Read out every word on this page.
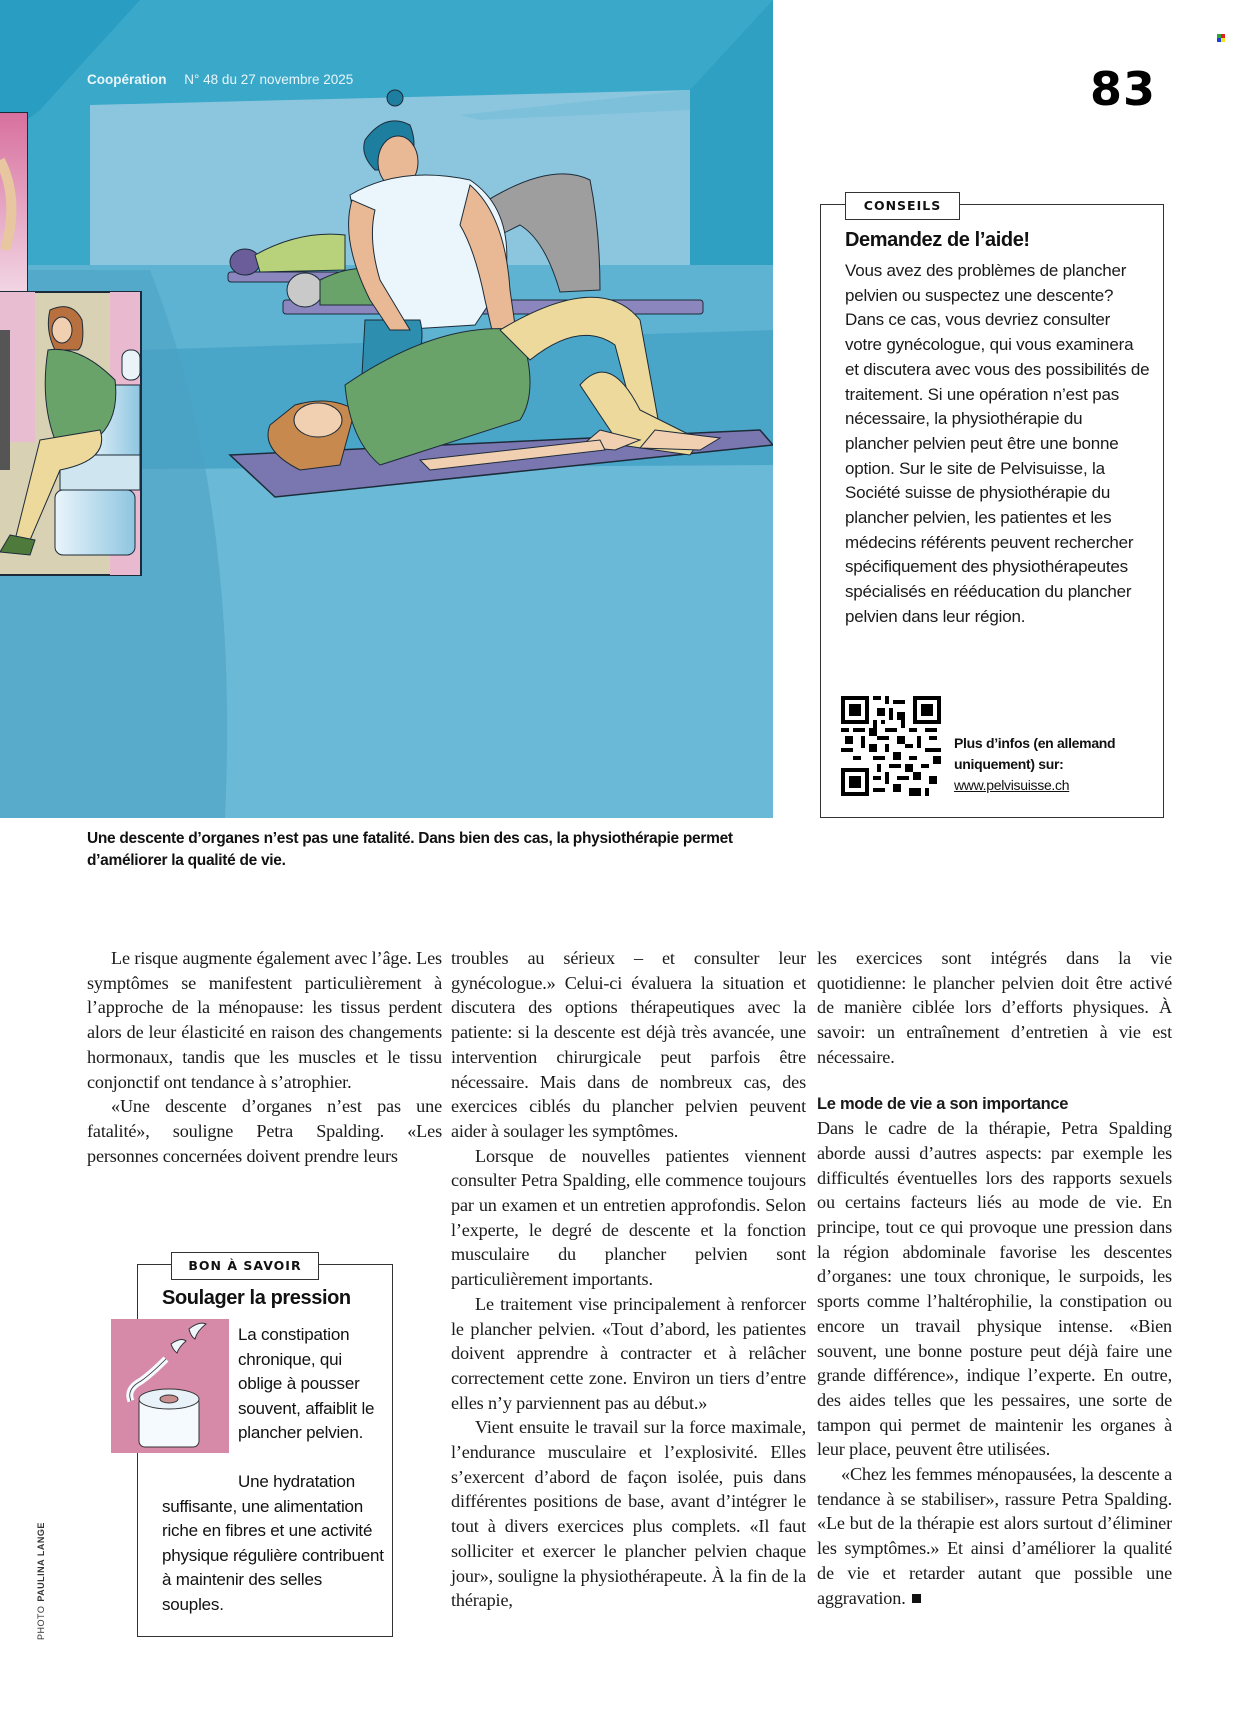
Coopération N° 48 du 27 novembre 2025	83
Une descente d’organes n’est pas une fatalité. Dans bien des cas, la physiothérapie permet d’améliorer la qualité de vie.
CONSEILS
Demandez de l’aide!

Vous avez des problèmes de plancher pelvien ou suspectez une descente? Dans ce cas, vous devriez consulter votre gynécologue, qui vous examinera et discutera avec vous des possibilités de traitement. Si une opération n’est pas nécessaire, la physiothérapie du plancher pelvien peut être une bonne option. Sur le site de Pelvisuisse, la Société suisse de physiothérapie du plancher pelvien, les patientes et les médecins référents peuvent rechercher spécifiquement des physiothérapeutes spécialisés en rééducation du plancher pelvien dans leur région.

Plus d’infos (en allemand uniquement) sur:
www.pelvisuisse.ch

Le risque augmente également avec l’âge. Les symptômes se manifestent particulièrement à l’approche de la ménopause: les tissus perdent alors de leur élasticité en raison des changements hormonaux, tandis que les muscles et le tissu conjonctif ont tendance à s’atrophier.

«Une descente d’organes n’est pas une fatalité», souligne Petra Spalding. «Les personnes concernées doivent prendre leurs

troubles au sérieux – et consulter leur gynécologue.» Celui-ci évaluera la situation et discutera des options thérapeutiques avec la patiente: si la descente est déjà très avancée, une intervention chirurgicale peut parfois être nécessaire. Mais dans de nombreux cas, des exercices ciblés du plancher pelvien peuvent aider à soulager les symptômes.

Lorsque de nouvelles patientes viennent consulter Petra Spalding, elle commence toujours par un examen et un entretien approfondis. Selon l’experte, le degré de descente et la fonction musculaire du plancher pelvien sont particulièrement importants.

Le traitement vise principalement à renforcer le plancher pelvien. «Tout d’abord, les patientes doivent apprendre à contracter et à relâcher correctement cette zone. Environ un tiers d’entre elles n’y parviennent pas au début.»

Vient ensuite le travail sur la force maximale, l’endurance musculaire et l’explosivité. Elles s’exercent d’abord de façon isolée, puis dans différentes positions de base, avant d’intégrer le tout à divers exercices plus complets. «Il faut solliciter et exercer le plancher pelvien chaque jour», souligne la physiothérapeute. À la fin de la thérapie,

les exercices sont intégrés dans la vie quotidienne: le plancher pelvien doit être activé de manière ciblée lors d’efforts physiques. À savoir: un entraînement d’entretien à vie est nécessaire.

Le mode de vie a son importance

Dans le cadre de la thérapie, Petra Spalding aborde aussi d’autres aspects: par exemple les difficultés éventuelles lors des rapports sexuels ou certains facteurs liés au mode de vie. En principe, tout ce qui provoque une pression dans la région abdominale favorise les descentes d’organes: une toux chronique, le surpoids, les sports comme l’haltérophilie, la constipation ou encore un travail physique intense. «Bien souvent, une bonne posture peut déjà faire une grande différence», indique l’experte. En outre, des aides telles que les pessaires, une sorte de tampon qui permet de maintenir les organes à leur place, peuvent être utilisées.

«Chez les femmes ménopausées, la descente a tendance à se stabiliser», rassure Petra Spalding. «Le but de la thérapie est alors surtout d’éliminer les symptômes.» Et ainsi d’améliorer la qualité de vie et retarder autant que possible une aggravation.

BON À SAVOIR
Soulager la pression

La constipation chronique, qui oblige à pousser souvent, affaiblit le plancher pelvien.

Une hydratation
suffisante, une alimentation riche en fibres et une activité physique régulière contribuent à maintenir des selles souples.

PHOTOPAULINA LANGE
